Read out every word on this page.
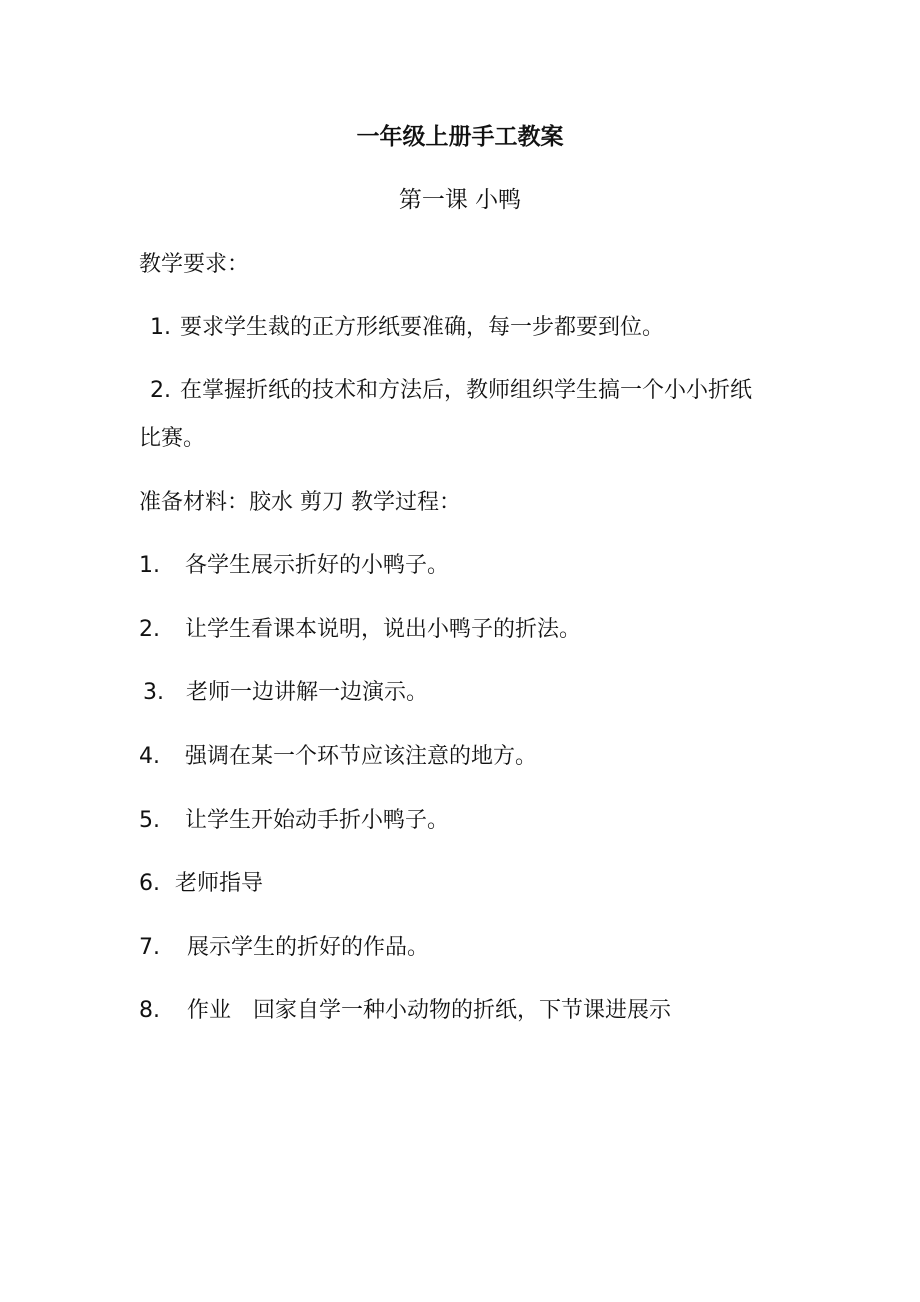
一年级上册手工教案
第一课 小鸭
教学要求：
1. 要求学生裁的正方形纸要准确，每一步都要到位。
2. 在掌握折纸的技术和方法后，教师组织学生搞一个小小折纸
比赛。
准备材料：胶水 剪刀 教学过程：
1. 各学生展示折好的小鸭子。
2. 让学生看课本说明，说出小鸭子的折法。
3. 老师一边讲解一边演示。
4. 强调在某一个环节应该注意的地方。
5. 让学生开始动手折小鸭子。
6. 老师指导
7. 展示学生的折好的作品。
8. 作业 回家自学一种小动物的折纸，下节课进展示
